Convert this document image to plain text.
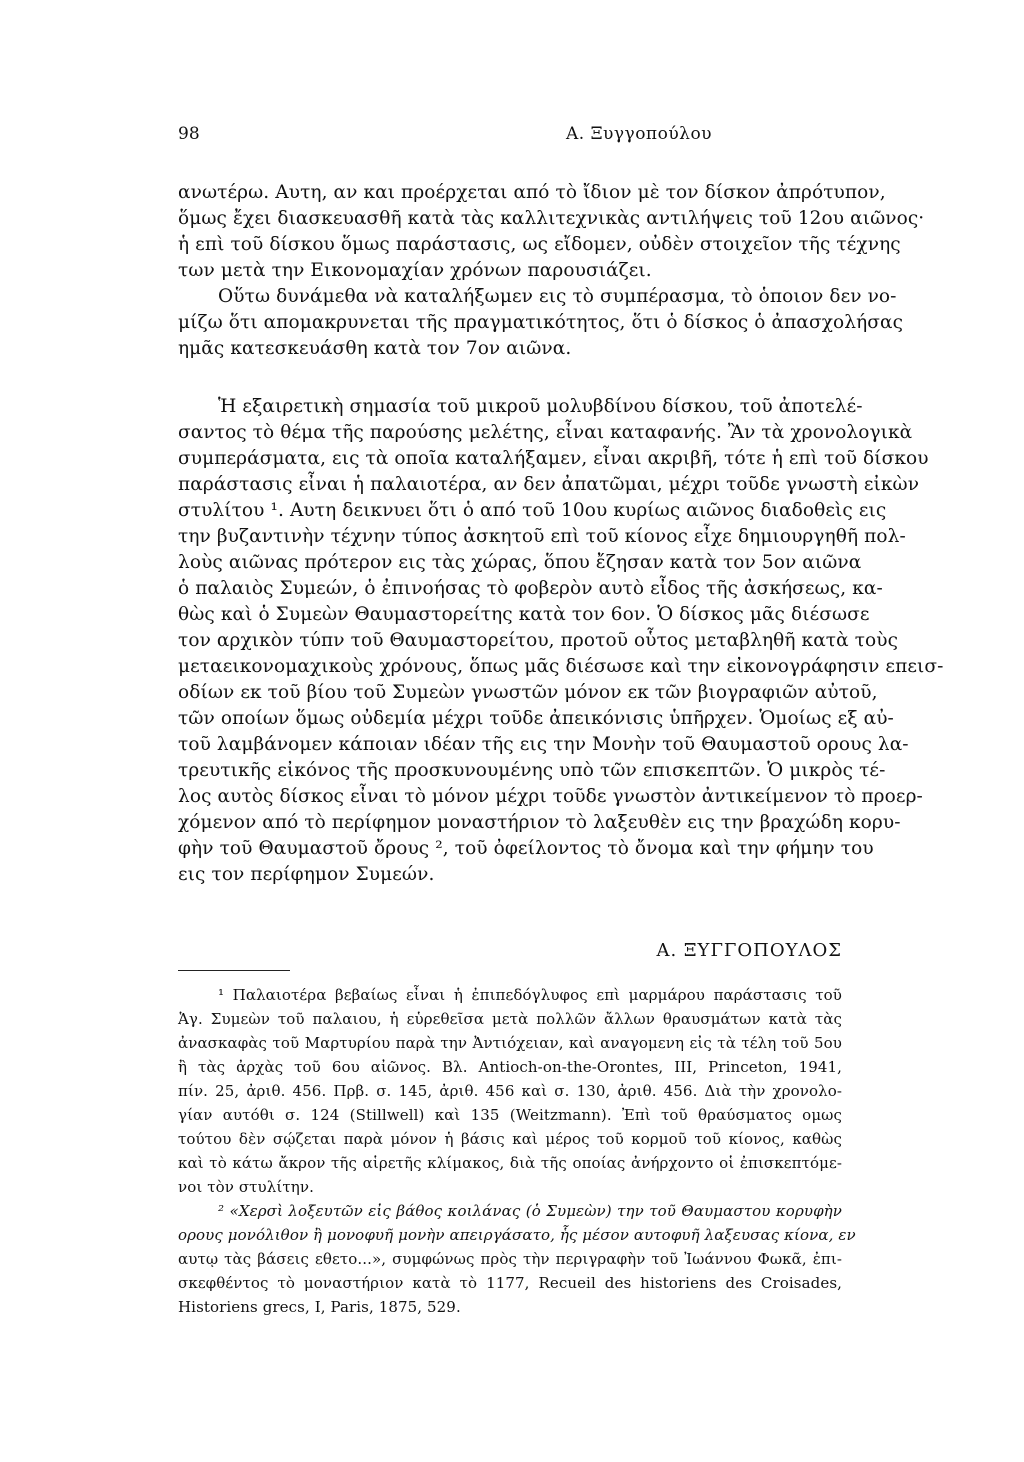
98	Α. Ξυγγοπούλου
ανωτέρω. Αυτη, αν και προέρχεται από τὸ ἴδιον μὲ τον δίσκον ἀπρότυπον,
ὅμως ἔχει διασκευασθῆ κατὰ τὰς καλλιτεχνικὰς αντιλήψεις τοῦ 12ου αιῶνος·
ἡ επὶ τοῦ δίσκου ὅμως παράστασις, ως εἴδομεν, οὐδὲν στοιχεῖον τῆς τέχνης
των μετὰ την Εικονομαχίαν χρόνων παρουσιάζει.
Οὕτω δυνάμεθα νὰ καταλήξωμεν εις τὸ συμπέρασμα, τὸ ὁποιον δεν νο-
μίζω ὅτι απομακρυνεται τῆς πραγματικότητος, ὅτι ὁ δίσκος ὁ ἀπασχολήσας
ημᾶς κατεσκευάσθη κατὰ τον 7ον αιῶνα.
Ἡ εξαιρετικὴ σημασία τοῦ μικροῦ μολυβδίνου δίσκου, τοῦ ἀποτελέ-
σαντος τὸ θέμα τῆς παρούσης μελέτης, εἶναι καταφανής. Ἂν τὰ χρονολογικὰ
συμπεράσματα, εις τὰ οποῖα καταλήξαμεν, εἶναι ακριβῆ, τότε ἡ επὶ τοῦ δίσκου
παράστασις εἶναι ἡ παλαιοτέρα, αν δεν ἀπατῶμαι, μέχρι τοῦδε γνωστὴ εἰκὼν
στυλίτου ¹. Αυτη δεικνυει ὅτι ὁ από τοῦ 10ου κυρίως αιῶνος διαδοθεὶς εις
την βυζαντινὴν τέχνην τύπος ἀσκητοῦ επὶ τοῦ κίονος εἶχε δημιουργηθῆ πολ-
λοὺς αιῶνας πρότερον εις τὰς χώρας, ὅπου ἔζησαν κατὰ τον 5ον αιῶνα
ὁ παλαιὸς Συμεών, ὁ ἐπινοήσας τὸ φοβερὸν αυτὸ εἶδος τῆς ἀσκήσεως, κα-
θὼς καὶ ὁ Συμεὼν Θαυμαστορείτης κατὰ τον 6ον. Ὁ δίσκος μᾶς διέσωσε
τον αρχικὸν τύπν τοῦ Θαυμαστορείτου, προτοῦ οὗτος μεταβληθῆ κατὰ τοὺς
μεταεικονομαχικοὺς χρόνους, ὅπως μᾶς διέσωσε καὶ την εἰκονογράφησιν επεισ-
οδίων εκ τοῦ βίου τοῦ Συμεὼν γνωστῶν μόνον εκ τῶν βιογραφιῶν αὐτοῦ,
τῶν οποίων ὅμως οὐδεμία μέχρι τοῦδε ἀπεικόνισις ὑπῆρχεν. Ὁμοίως εξ αὐ-
τοῦ λαμβάνομεν κάποιαν ιδέαν τῆς εις την Μονὴν τοῦ Θαυμαστοῦ ορους λα-
τρευτικῆς εἰκόνος τῆς προσκυνουμένης υπὸ τῶν επισκεπτῶν. Ὁ μικρὸς τέ-
λος αυτὸς δίσκος εἶναι τὸ μόνον μέχρι τοῦδε γνωστὸν ἀντικείμενον τὸ προερ-
χόμενον από τὸ περίφημον μοναστήριον τὸ λαξευθὲν εις την βραχώδη κορυ-
φὴν τοῦ Θαυμαστοῦ ὄρους ², τοῦ ὀφείλοντος τὸ ὄνομα καὶ την φήμην του
εις τον περίφημον Συμεών.
Α. ΞΥΓΓΟΠΟΥΛΟΣ
¹ Παλαιοτέρα βεβαίως εἶναι ἡ ἐπιπεδόγλυφος επὶ μαρμάρου παράστασις τοῦ
Ἁγ. Συμεὼν τοῦ παλαιου, ἡ εὑρεθεῖσα μετὰ πολλῶν ἄλλων θραυσμάτων κατὰ τὰς
ἀνασκαφὰς τοῦ Μαρτυρίου παρὰ την Ἀντιόχειαν, καὶ αναγομενη εἰς τὰ τέλη τοῦ 5ου
ἢ τὰς ἀρχὰς τοῦ 6ου αἰῶνος. Βλ. Antioch-on-the-Orontes, III, Princeton, 1941,
πίν. 25, ἀριθ. 456. Πρβ. σ. 145, ἀριθ. 456 καὶ σ. 130, ἀριθ. 456. Διὰ τὴν χρονολο-
γίαν αυτόθι σ. 124 (Stillwell) καὶ 135 (Weitzmann). Ἐπὶ τοῦ θραύσματος ομως
τούτου δὲν σῴζεται παρὰ μόνον ἡ βάσις καὶ μέρος τοῦ κορμοῦ τοῦ κίονος, καθὼς
καὶ τὸ κάτω ἄκρον τῆς αἱρετῆς κλίμακος, διὰ τῆς οποίας ἀνήρχοντο οἱ ἐπισκεπτόμε-
νοι τὸν στυλίτην.
² «Χερσὶ λοξευτῶν εἰς βάθος κοιλάνας (ὁ Συμεὼν) την τοῦ Θαυμαστου κορυφὴν
ορους μονόλιθον ἢ μονοφυῆ μονὴν απειργάσατο, ἧς μέσον αυτοφυῆ λαξευσας κίονα, εν
αυτῳ τὰς βάσεις εθετο...», συμφώνως πρὸς τὴν περιγραφὴν τοῦ Ἰωάννου Φωκᾶ, ἐπι-
σκεφθέντος τὸ μοναστήριον κατὰ τὸ 1177, Recueil des historiens des Croisades,
Historiens grecs, I, Paris, 1875, 529.
